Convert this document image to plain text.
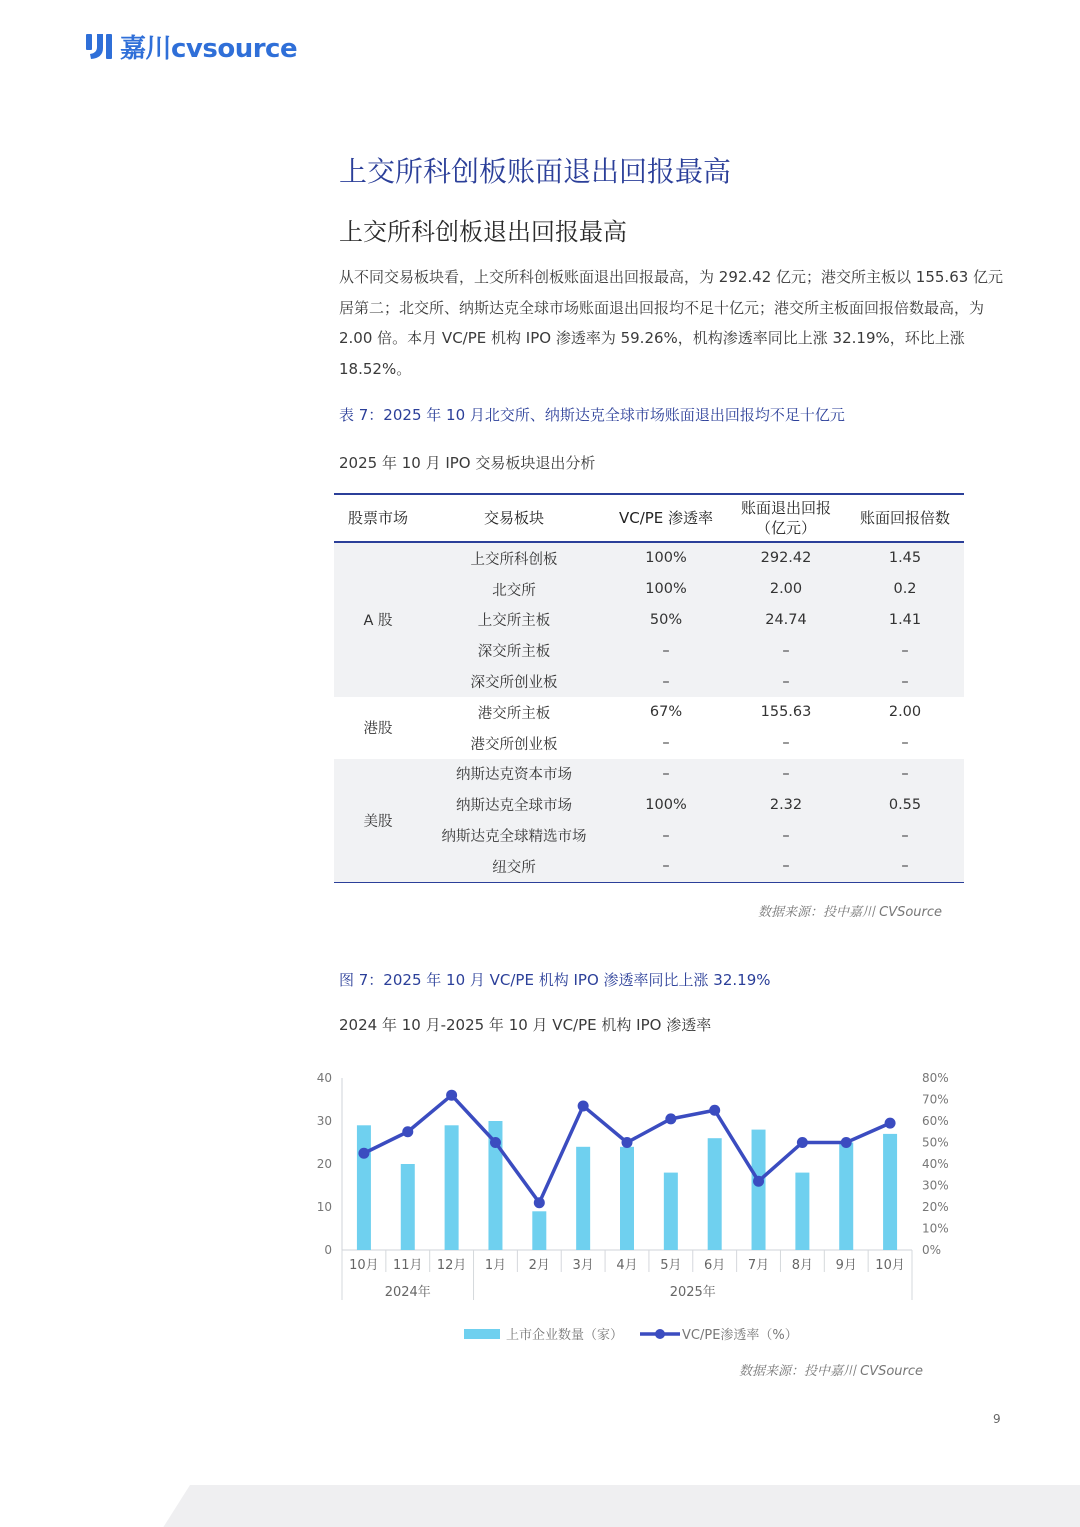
嘉川cvsource
上交所科创板账面退出回报最高
上交所科创板退出回报最高

从不同交易板块看，上交所科创板账面退出回报最高，为 292.42 亿元；港交所主板以 155.63 亿元居第二；北交所、纳斯达克全球市场账面退出回报均不足十亿元；港交所主板面回报倍数最高，为 2.00 倍。本月 VC/PE 机构 IPO 渗透率为 59.26%，机构渗透率同比上涨 32.19%，环比上涨 18.52%。

表 7：2025 年 10 月北交所、纳斯达克全球市场账面退出回报均不足十亿元
2025 年 10 月 IPO 交易板块退出分析
股票市场	交易板块	VC/PE 渗透率	账面退出回报（亿元）	账面回报倍数
A 股	上交所科创板	100%	292.42	1.45
	北交所	100%	2.00	0.2
	上交所主板	50%	24.74	1.41
	深交所主板	–	–	–
	深交所创业板	–	–	–
港股	港交所主板	67%	155.63	2.00
	港交所创业板	–	–	–
美股	纳斯达克资本市场	–	–	–
	纳斯达克全球市场	100%	2.32	0.55
	纳斯达克全球精选市场	–	–	–
	纽交所	–	–	–
数据来源：投中嘉川 CVSource
图 7：2025 年 10 月 VC/PE 机构 IPO 渗透率同比上涨 32.19%
2024 年 10 月-2025 年 10 月 VC/PE 机构 IPO 渗透率
0
10
20
30
40
0%
10%
20%
30%
40%
50%
60%
70%
80%
10月 11月 12月 1月 2月 3月 4月 5月 6月 7月 8月 9月 10月
2024年	2025年
上市企业数量（家）	VC/PE渗透率（%）
数据来源：投中嘉川 CVSource
9
